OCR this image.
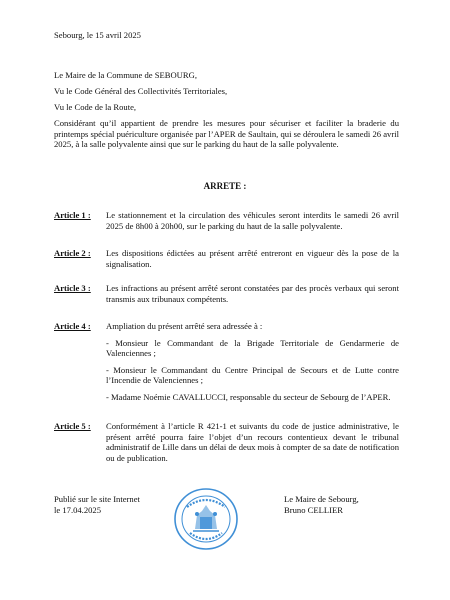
Sebourg, le 15 avril 2025
Le Maire de la Commune de SEBOURG,
Vu le Code Général des Collectivités Territoriales,
Vu le Code de la Route,
Considérant qu’il appartient de prendre les mesures pour sécuriser et faciliter la braderie du printemps spécial puériculture organisée par l’APER de Saultain, qui se déroulera le samedi 26 avril 2025, à la salle polyvalente ainsi que sur le parking du haut de la salle polyvalente.
ARRETE :
Article 1 : Le stationnement et la circulation des véhicules seront interdits le samedi 26 avril 2025 de 8h00 à 20h00, sur le parking du haut de la salle polyvalente.

Article 2 : Les dispositions édictées au présent arrêté entreront en vigueur dès la pose de la signalisation.

Article 3 : Les infractions au présent arrêté seront constatées par des procès verbaux qui seront transmis aux tribunaux compétents.

Article 4 : Ampliation du présent arrêté sera adressée à :

- Monsieur le Commandant de la Brigade Territoriale de Gendarmerie de Valenciennes ;

- Monsieur le Commandant du Centre Principal de Secours et de Lutte contre l’Incendie de Valenciennes ;

- Madame Noémie CAVALLUCCI, responsable du secteur de Sebourg de l’APER.

Article 5 : Conformément à l’article R 421-1 et suivants du code de justice administrative, le présent arrêté pourra faire l’objet d’un recours contentieux devant le tribunal administratif de Lille dans un délai de deux mois à compter de sa date de notification ou de publication.

Publié sur le site Internet
le 17.04.2025
Le Maire de Sebourg,
Bruno CELLIER
